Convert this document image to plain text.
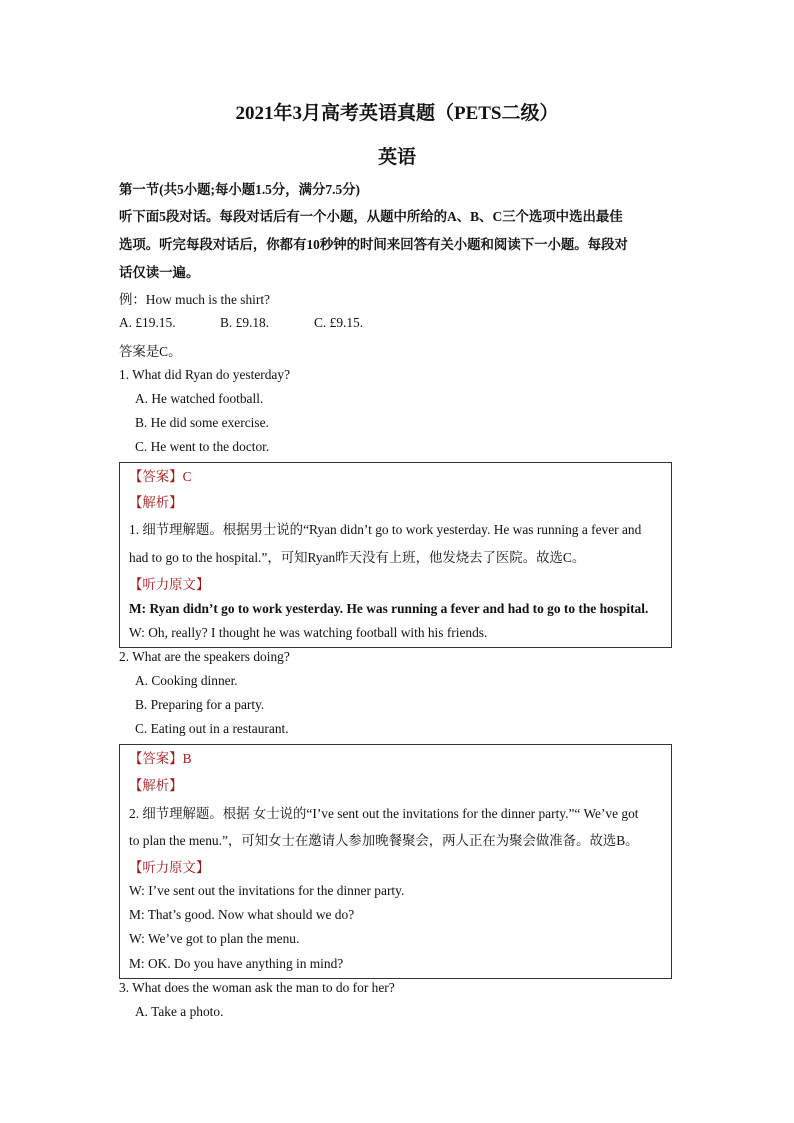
2021年3月高考英语真题（PETS二级）
英语
第一节(共5小题;每小题1.5分，满分7.5分)
听下面5段对话。每段对话后有一个小题，从题中所给的A、B、C三个选项中选出最佳
选项。听完每段对话后，你都有10秒钟的时间来回答有关小题和阅读下一小题。每段对
话仅读一遍。
例：How much is the shirt?
A. £19.15.	B. £9.18.	C. £9.15.
答案是C。
1. What did Ryan do yesterday?
A. He watched football.
B. He did some exercise.
C. He went to the doctor.
【答案】C
【解析】
1. 细节理解题。根据男士说的“Ryan didn’t go to work yesterday. He was running a fever and
had to go to the hospital.”，可知Ryan昨天没有上班，他发烧去了医院。故选C。
【听力原文】
M: Ryan didn’t go to work yesterday. He was running a fever and had to go to the hospital.
W: Oh, really? I thought he was watching football with his friends.
2. What are the speakers doing?
A. Cooking dinner.
B. Preparing for a party.
C. Eating out in a restaurant.
【答案】B
【解析】
2. 细节理解题。根据 女士说的“I’ve sent out the invitations for the dinner party.”“ We’ve got
to plan the menu.”，可知女士在邀请人参加晚餐聚会，两人正在为聚会做准备。故选B。
【听力原文】
W: I’ve sent out the invitations for the dinner party.
M: That’s good. Now what should we do?
W: We’ve got to plan the menu.
M: OK. Do you have anything in mind?
3. What does the woman ask the man to do for her?
A. Take a photo.
